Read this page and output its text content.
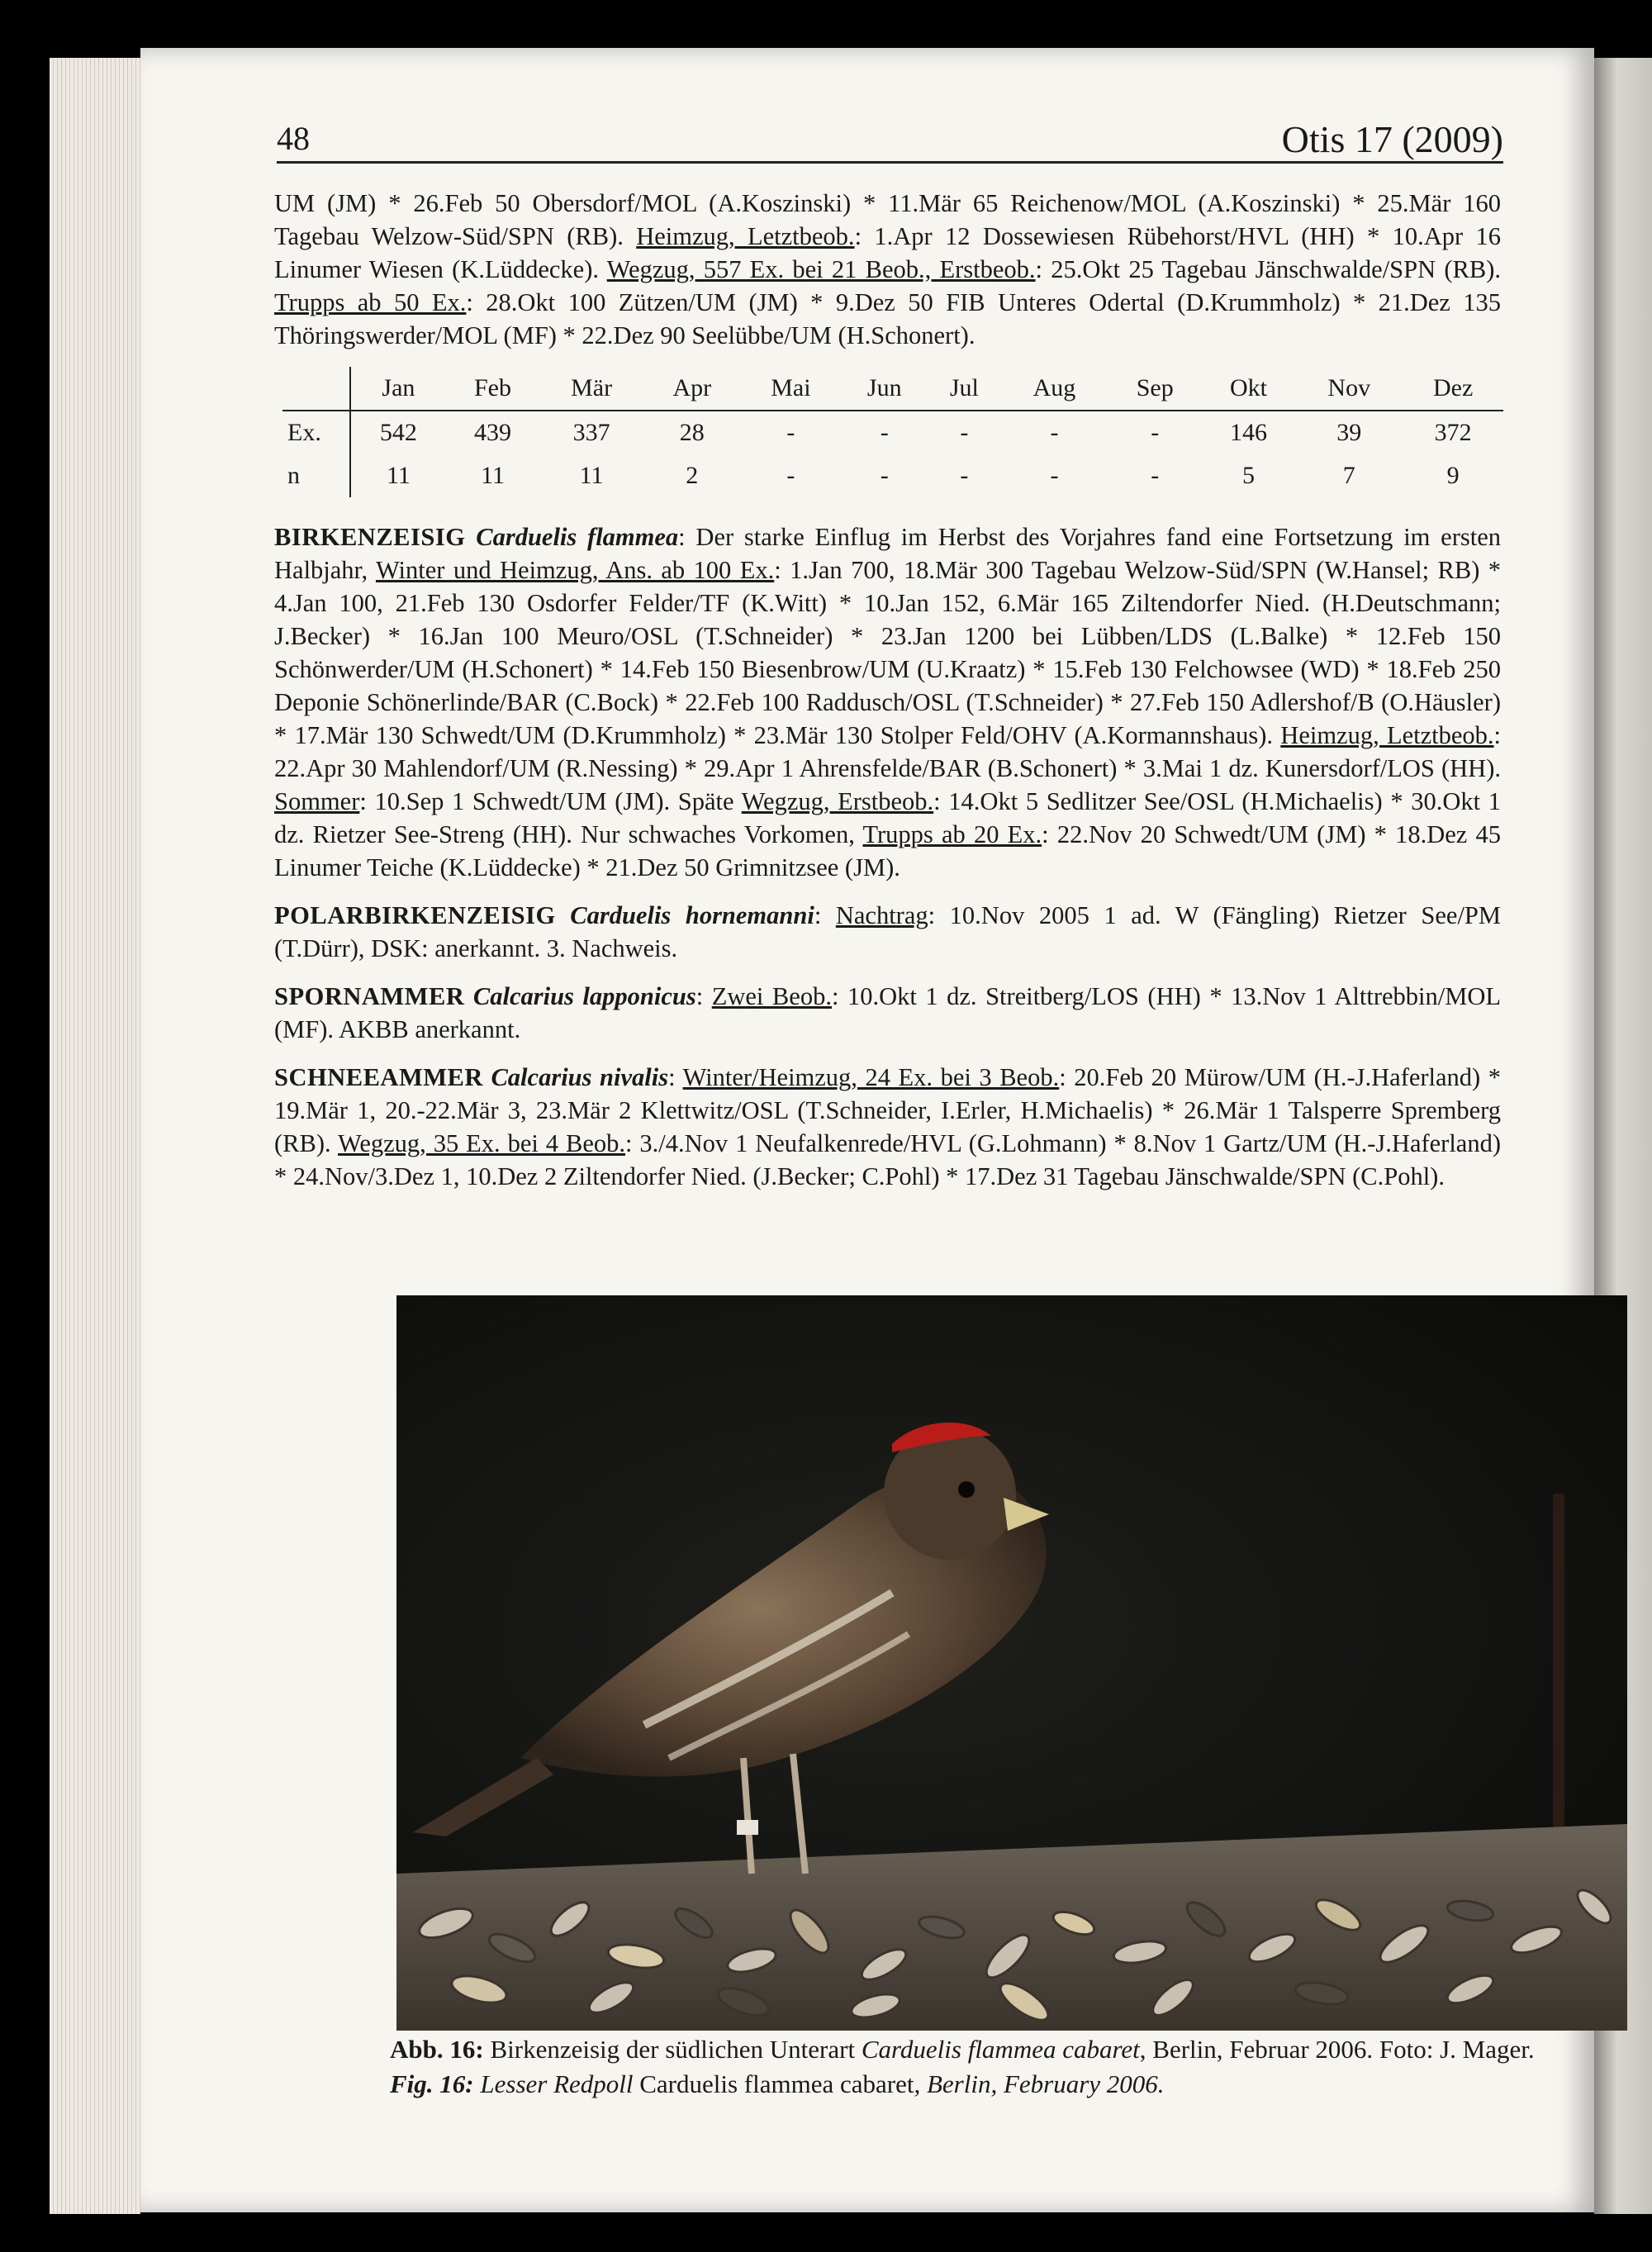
48	Otis 17 (2009)

UM (JM) * 26.Feb 50 Obersdorf/MOL (A.Koszinski) * 11.Mär 65 Reichenow/MOL (A.Koszinski) * 25.Mär 160 Tagebau Welzow-Süd/SPN (RB). Heimzug, Letztbeob.: 1.Apr 12 Dossewiesen Rübehorst/HVL (HH) * 10.Apr 16 Linumer Wiesen (K.Lüddecke). Wegzug, 557 Ex. bei 21 Beob., Erstbeob.: 25.Okt 25 Tagebau Jänschwalde/SPN (RB). Trupps ab 50 Ex.: 28.Okt 100 Zützen/UM (JM) * 9.Dez 50 FIB Unteres Odertal (D.Krummholz) * 21.Dez 135 Thöringswerder/MOL (MF) * 22.Dez 90 Seelübbe/UM (H.Schonert).

	Jan	Feb	Mär	Apr	Mai	Jun	Jul	Aug	Sep	Okt	Nov	Dez
Ex.	542	439	337	28	-	-	-	-	-	146	39	372
n	11	11	11	2	-	-	-	-	-	5	7	9

BIRKENZEISIG Carduelis flammea: Der starke Einflug im Herbst des Vorjahres fand eine Fortsetzung im ersten Halbjahr, Winter und Heimzug, Ans. ab 100 Ex.: 1.Jan 700, 18.Mär 300 Tagebau Welzow-Süd/SPN (W.Hansel; RB) * 4.Jan 100, 21.Feb 130 Osdorfer Felder/TF (K.Witt) * 10.Jan 152, 6.Mär 165 Ziltendorfer Nied. (H.Deutschmann; J.Becker) * 16.Jan 100 Meuro/OSL (T.Schneider) * 23.Jan 1200 bei Lübben/LDS (L.Balke) * 12.Feb 150 Schönwerder/UM (H.Schonert) * 14.Feb 150 Biesenbrow/UM (U.Kraatz) * 15.Feb 130 Felchowsee (WD) * 18.Feb 250 Deponie Schönerlinde/BAR (C.Bock) * 22.Feb 100 Raddusch/OSL (T.Schneider) * 27.Feb 150 Adlershof/B (O.Häusler) * 17.Mär 130 Schwedt/UM (D.Krummholz) * 23.Mär 130 Stolper Feld/OHV (A.Kormannshaus). Heimzug, Letztbeob.: 22.Apr 30 Mahlendorf/UM (R.Nessing) * 29.Apr 1 Ahrensfelde/BAR (B.Schonert) * 3.Mai 1 dz. Kunersdorf/LOS (HH). Sommer: 10.Sep 1 Schwedt/UM (JM). Späte Wegzug, Erstbeob.: 14.Okt 5 Sedlitzer See/OSL (H.Michaelis) * 30.Okt 1 dz. Rietzer See-Streng (HH). Nur schwaches Vorkomen, Trupps ab 20 Ex.: 22.Nov 20 Schwedt/UM (JM) * 18.Dez 45 Linumer Teiche (K.Lüddecke) * 21.Dez 50 Grimnitzsee (JM).

POLARBIRKENZEISIG Carduelis hornemanni: Nachtrag: 10.Nov 2005 1 ad. W (Fängling) Rietzer See/PM (T.Dürr), DSK: anerkannt. 3. Nachweis.

SPORNAMMER Calcarius lapponicus: Zwei Beob.: 10.Okt 1 dz. Streitberg/LOS (HH) * 13.Nov 1 Alttrebbin/MOL (MF). AKBB anerkannt.

SCHNEEAMMER Calcarius nivalis: Winter/Heimzug, 24 Ex. bei 3 Beob.: 20.Feb 20 Mürow/UM (H.-J.Haferland) * 19.Mär 1, 20.-22.Mär 3, 23.Mär 2 Klettwitz/OSL (T.Schneider, I.Erler, H.Michaelis) * 26.Mär 1 Talsperre Spremberg (RB). Wegzug, 35 Ex. bei 4 Beob.: 3./4.Nov 1 Neufalkenrede/HVL (G.Lohmann) * 8.Nov 1 Gartz/UM (H.-J.Haferland) * 24.Nov/3.Dez 1, 10.Dez 2 Ziltendorfer Nied. (J.Becker; C.Pohl) * 17.Dez 31 Tagebau Jänschwalde/SPN (C.Pohl).

Abb. 16: Birkenzeisig der südlichen Unterart Carduelis flammea cabaret, Berlin, Februar 2006. Foto: J. Mager.
Fig. 16: Lesser Redpoll Carduelis flammea cabaret, Berlin, February 2006.
